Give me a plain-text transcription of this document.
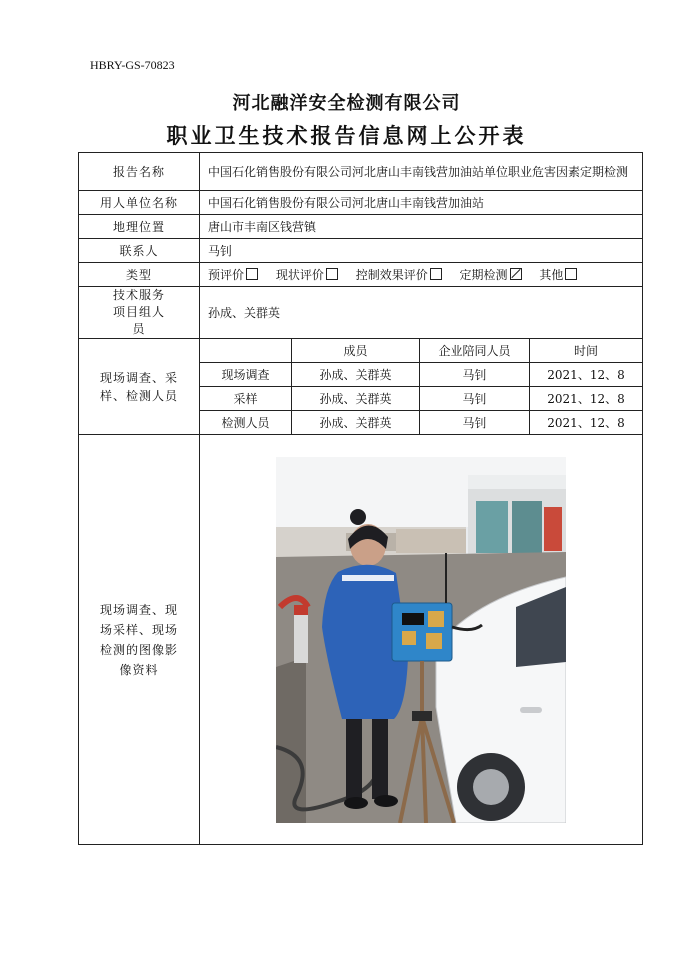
HBRY-GS-70823
河北融洋安全检测有限公司
职业卫生技术报告信息网上公开表
报告名称	中国石化销售股份有限公司河北唐山丰南钱营加油站单位职业危害因素定期检测			
用人单位名称	中国石化销售股份有限公司河北唐山丰南钱营加油站			
地理位置	唐山市丰南区钱营镇			
联系人	马钊			
类型	预评价 现状评价 控制效果评价 定期检测 其他			
技术服务项目组人员	孙成、关群英			
现场调查、采样、检测人员		成员	企业陪同人员	时间
	现场调查	孙成、关群英	马钊	2021、12、8
	采样	孙成、关群英	马钊	2021、12、8
	检测人员	孙成、关群英	马钊	2021、12、8
现场调查、现场采样、现场检测的图像影像资料	
